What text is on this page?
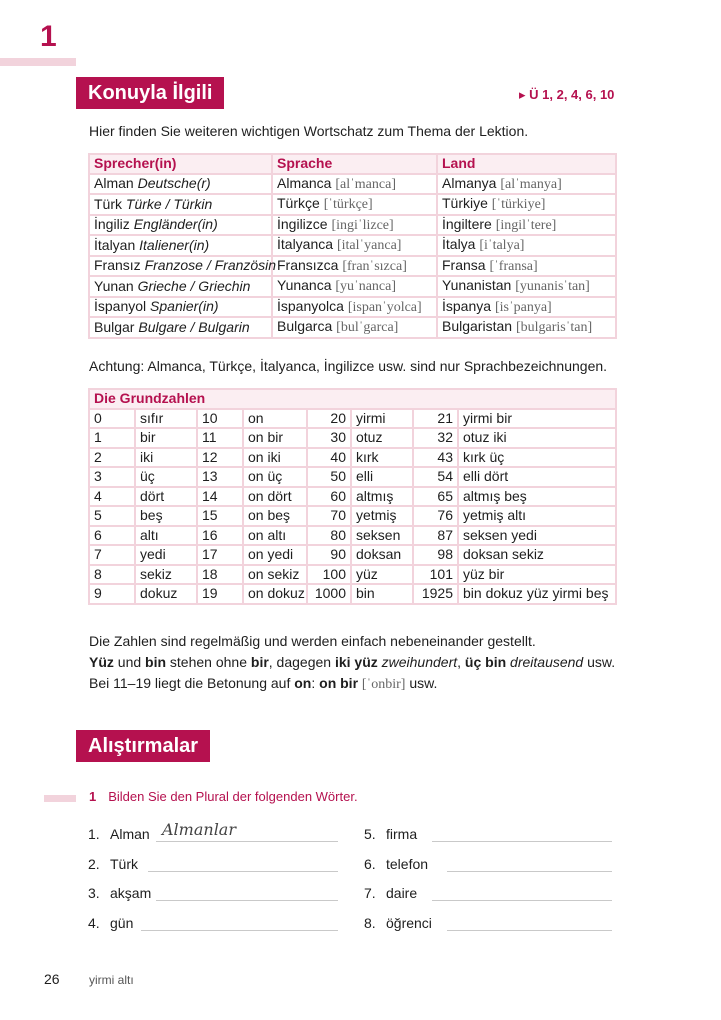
1
Konuyla İlgili	▸ Ü 1, 2, 4, 6, 10
Hier finden Sie weiteren wichtigen Wortschatz zum Thema der Lektion.
Sprecher(in)	Sprache	Land
Alman Deutsche(r)	Almanca [alˈmanca]	Almanya [alˈmanya]
Türk Türke / Türkin	Türkçe [ˈtürkçe]	Türkiye [ˈtürkiye]
İngiliz Engländer(in)	İngilizce [ingiˈlizce]	İngiltere [ingilˈtere]
İtalyan Italiener(in)	İtalyanca [italˈyanca]	İtalya [iˈtalya]
Fransız Franzose / Französin	Fransızca [franˈsızca]	Fransa [ˈfransa]
Yunan Grieche / Griechin	Yunanca [yuˈnanca]	Yunanistan [yunanisˈtan]
İspanyol Spanier(in)	İspanyolca [ispanˈyolca]	İspanya [isˈpanya]
Bulgar Bulgare / Bulgarin	Bulgarca [bulˈgarca]	Bulgaristan [bulgarisˈtan]
Achtung: Almanca, Türkçe, İtalyanca, İngilizce usw. sind nur Sprachbezeichnungen.
Die Grundzahlen							
0	sıfır	10	on	20	yirmi	21	yirmi bir
1	bir	11	on bir	30	otuz	32	otuz iki
2	iki	12	on iki	40	kırk	43	kırk üç
3	üç	13	on üç	50	elli	54	elli dört
4	dört	14	on dört	60	altmış	65	altmış beş
5	beş	15	on beş	70	yetmiş	76	yetmiş altı
6	altı	16	on altı	80	seksen	87	seksen yedi
7	yedi	17	on yedi	90	doksan	98	doksan sekiz
8	sekiz	18	on sekiz	100	yüz	101	yüz bir
9	dokuz	19	on dokuz	1000	bin	1925	bin dokuz yüz yirmi beş
Die Zahlen sind regelmäßig und werden einfach nebeneinander gestellt.
Yüz und bin stehen ohne bir, dagegen iki yüz zweihundert, üç bin dreitausend usw.
Bei 11–19 liegt die Betonung auf on: on bir [ˈonbir] usw.
Alıştırmalar
1 Bilden Sie den Plural der folgenden Wörter.
1. Alman Almanlar
2. Türk
3. akşam
4. gün
5. firma
6. telefon
7. daire
8. öğrenci
26 yirmi altı
